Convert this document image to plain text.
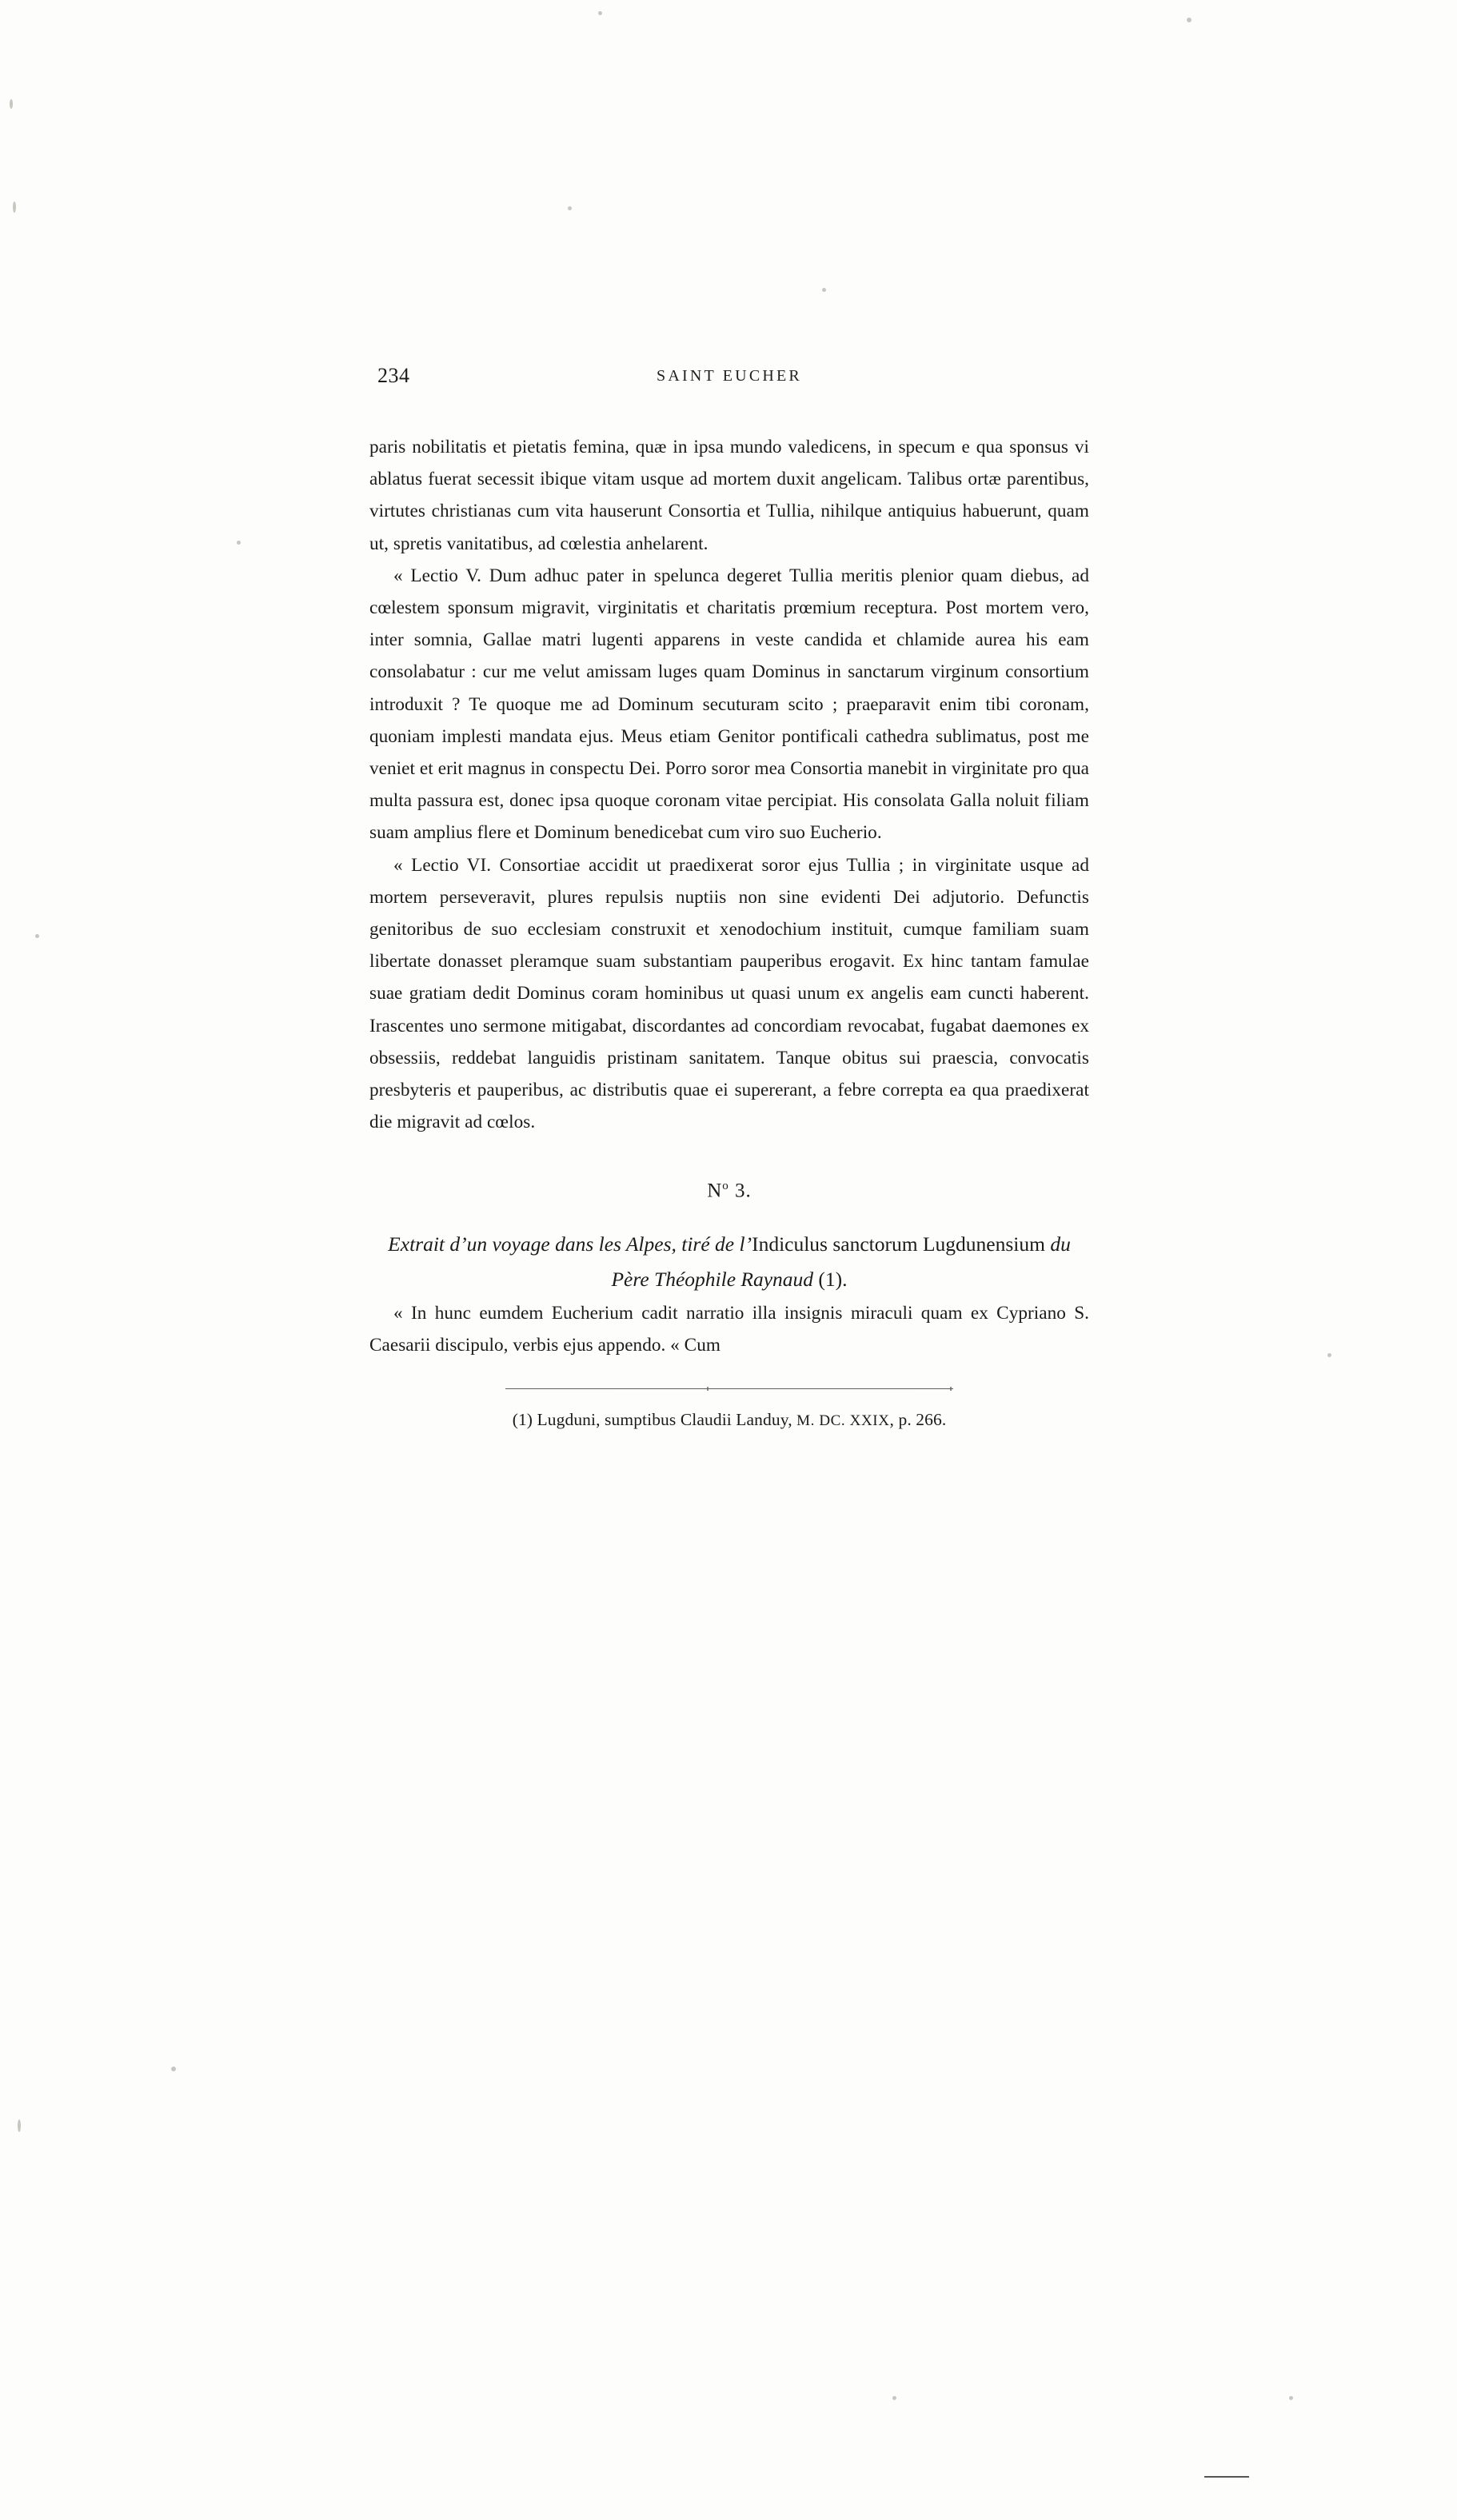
234	SAINT EUCHER

paris nobilitatis et pietatis femina, quæ in ipsa mundo valedicens, in specum e qua sponsus vi ablatus fuerat secessit ibique vitam usque ad mortem duxit angelicam. Talibus ortæ parentibus, virtutes christianas cum vita hauserunt Consortia et Tullia, nihilque antiquius habuerunt, quam ut, spretis vanitatibus, ad cœlestia anhelarent.

« Lectio V. Dum adhuc pater in spelunca degeret Tullia meritis plenior quam diebus, ad cœlestem sponsum migravit, virginitatis et charitatis prœmium receptura. Post mortem vero, inter somnia, Gallae matri lugenti apparens in veste candida et chlamide aurea his eam consolabatur : cur me velut amissam luges quam Dominus in sanctarum virginum consortium introduxit ? Te quoque me ad Dominum secuturam scito ; praeparavit enim tibi coronam, quoniam implesti mandata ejus. Meus etiam Genitor pontificali cathedra sublimatus, post me veniet et erit magnus in conspectu Dei. Porro soror mea Consortia manebit in virginitate pro qua multa passura est, donec ipsa quoque coronam vitae percipiat. His consolata Galla noluit filiam suam amplius flere et Dominum benedicebat cum viro suo Eucherio.

« Lectio VI. Consortiae accidit ut praedixerat soror ejus Tullia ; in virginitate usque ad mortem perseveravit, plures repulsis nuptiis non sine evidenti Dei adjutorio. Defunctis genitoribus de suo ecclesiam construxit et xenodochium instituit, cumque familiam suam libertate donasset pleramque suam substantiam pauperibus erogavit. Ex hinc tantam famulae suae gratiam dedit Dominus coram hominibus ut quasi unum ex angelis eam cuncti haberent. Irascentes uno sermone mitigabat, discordantes ad concordiam revocabat, fugabat daemones ex obsessiis, reddebat languidis pristinam sanitatem. Tanque obitus sui praescia, convocatis presbyteris et pauperibus, ac distributis quae ei supererant, a febre correpta ea qua praedixerat die migravit ad cœlos.

$N^o$ 3.
Extrait d’un voyage dans les Alpes, tiré de l’Indiculus sanctorum Lugdunensium du Père Théophile Raynaud (1).

« In hunc eumdem Eucherium cadit narratio illa insignis miraculi quam ex Cypriano S. Caesarii discipulo, verbis ejus appendo. « Cum

(1) Lugduni, sumptibus Claudii Landuy, M. DC. XXIX, p. 266.
